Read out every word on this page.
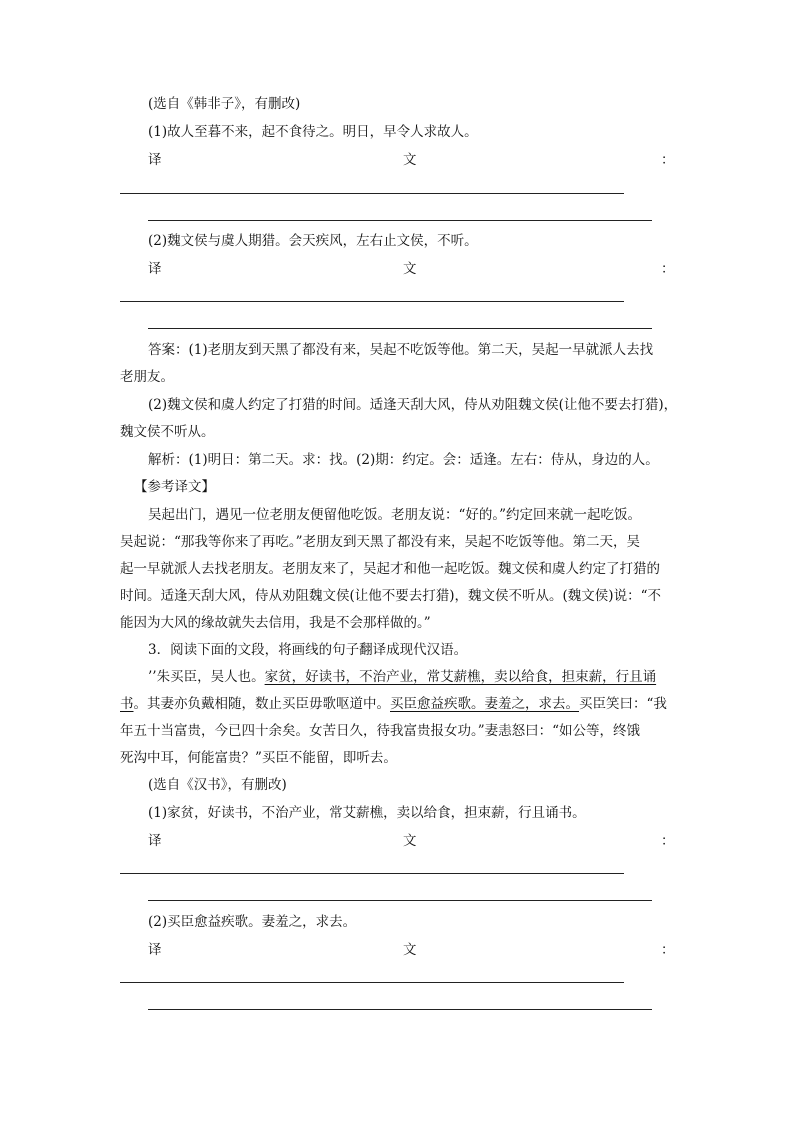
(选自《韩非子》，有删改)

(1)故人至暮不来，起不食待之。明日，早令人求故人。

译	文	：

(2)魏文侯与虞人期猎。会天疾风，左右止文侯，不听。

译	文	：

答案：(1)老朋友到天黑了都没有来，吴起不吃饭等他。第二天，吴起一早就派人去找

老朋友。

(2)魏文侯和虞人约定了打猎的时间。适逢天刮大风，侍从劝阻魏文侯(让他不要去打猎)，

魏文侯不听从。

解析：(1)明日：第二天。求：找。(2)期：约定。会：适逢。左右：侍从，身边的人。

【参考译文】

吴起出门，遇见一位老朋友便留他吃饭。老朋友说：“好的。”约定回来就一起吃饭。

吴起说：“那我等你来了再吃。”老朋友到天黑了都没有来，吴起不吃饭等他。第二天，吴

起一早就派人去找老朋友。老朋友来了，吴起才和他一起吃饭。魏文侯和虞人约定了打猎的

时间。适逢天刮大风，侍从劝阻魏文侯(让他不要去打猎)，魏文侯不听从。(魏文侯)说：“不

能因为大风的缘故就失去信用，我是不会那样做的。”

3．阅读下面的文段，将画线的句子翻译成现代汉语。

’’朱买臣，吴人也。家贫，好读书，不治产业，常艾薪樵，卖以给食，担束薪，行且诵

书。其妻亦负戴相随，数止买臣毋歌呕道中。买臣愈益疾歌。妻羞之，求去。买臣笑曰：“我

年五十当富贵，今已四十余矣。女苦日久，待我富贵报女功。”妻恚怒曰：“如公等，终饿

死沟中耳，何能富贵？”买臣不能留，即听去。

(选自《汉书》，有删改)

(1)家贫，好读书，不治产业，常艾薪樵，卖以给食，担束薪，行且诵书。

译	文	：

(2)买臣愈益疾歌。妻羞之，求去。

译	文	：
